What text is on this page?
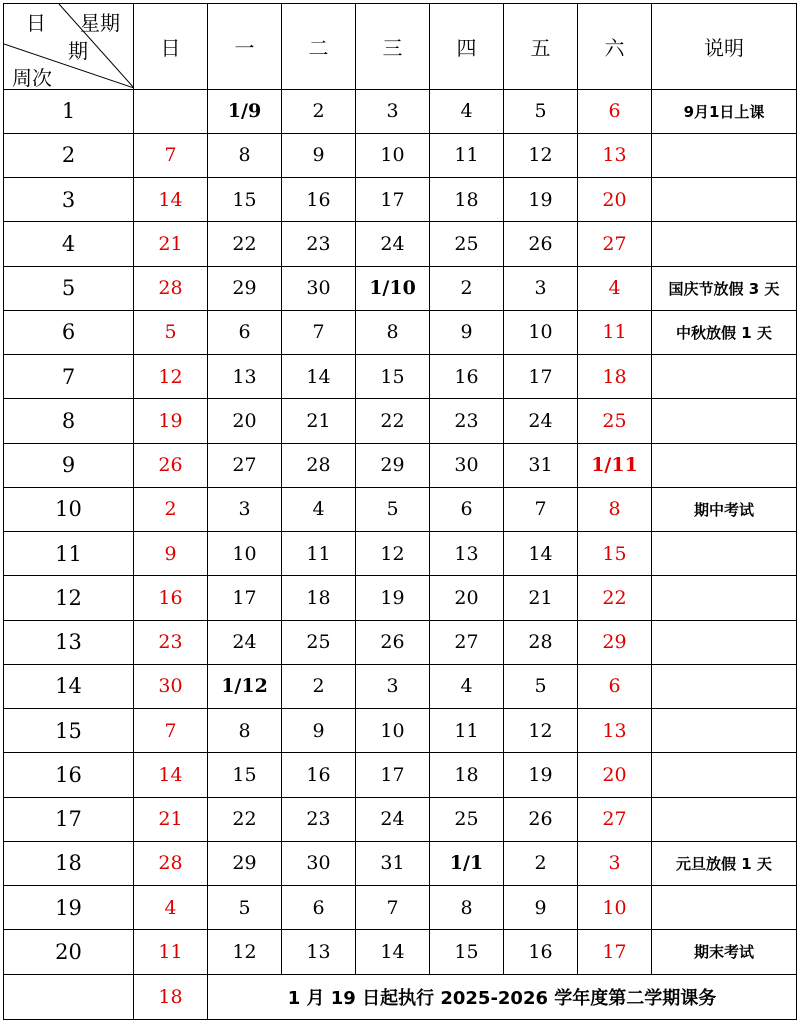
日 星期
期
周次	日	一	二	三	四	五	六	说明
1		1/9	2	3	4	5	6	9月1日上课
2	7	8	9	10	11	12	13	
3	14	15	16	17	18	19	20	
4	21	22	23	24	25	26	27	
5	28	29	30	1/10	2	3	4	国庆节放假 3 天
6	5	6	7	8	9	10	11	中秋放假 1 天
7	12	13	14	15	16	17	18	
8	19	20	21	22	23	24	25	
9	26	27	28	29	30	31	1/11	
10	2	3	4	5	6	7	8	期中考试
11	9	10	11	12	13	14	15	
12	16	17	18	19	20	21	22	
13	23	24	25	26	27	28	29	
14	30	1/12	2	3	4	5	6	
15	7	8	9	10	11	12	13	
16	14	15	16	17	18	19	20	
17	21	22	23	24	25	26	27	
18	28	29	30	31	1/1	2	3	元旦放假 1 天
19	4	5	6	7	8	9	10	
20	11	12	13	14	15	16	17	期末考试
	18	1 月 19 日起执行 2025-2026 学年度第二学期课务						
